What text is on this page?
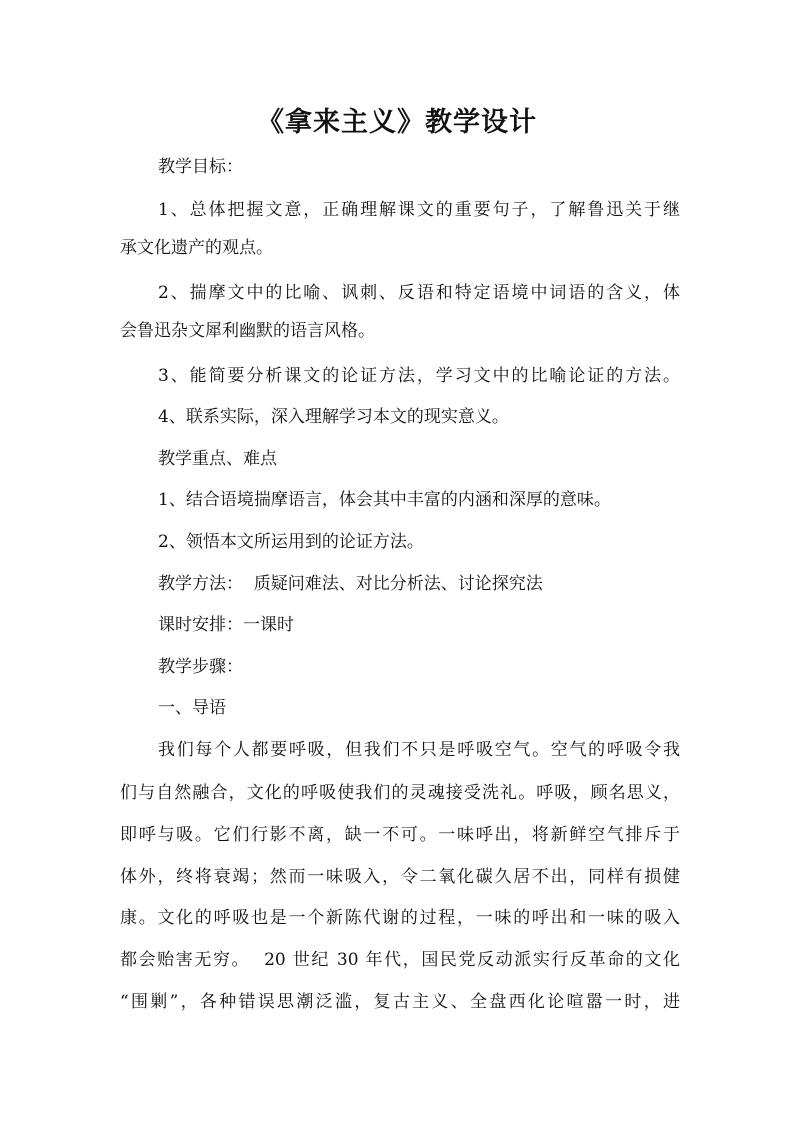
《拿来主义》教学设计

教学目标：

1、总体把握文意，正确理解课文的重要句子，了解鲁迅关于继

承文化遗产的观点。

2、揣摩文中的比喻、讽刺、反语和特定语境中词语的含义，体

会鲁迅杂文犀利幽默的语言风格。

3、能简要分析课文的论证方法，学习文中的比喻论证的方法。

4、联系实际，深入理解学习本文的现实意义。

教学重点、难点

1、结合语境揣摩语言，体会其中丰富的内涵和深厚的意味。

2、领悟本文所运用到的论证方法。

教学方法：  质疑问难法、对比分析法、讨论探究法

课时安排：一课时

教学步骤：

一、导语

我们每个人都要呼吸，但我们不只是呼吸空气。空气的呼吸令我

们与自然融合，文化的呼吸使我们的灵魂接受洗礼。呼吸，顾名思义，

即呼与吸。它们行影不离，缺一不可。一味呼出，将新鲜空气排斥于

体外，终将衰竭；然而一味吸入，令二氧化碳久居不出，同样有损健

康。文化的呼吸也是一个新陈代谢的过程，一味的呼出和一味的吸入

都会贻害无穷。  20 世纪 30 年代，国民党反动派实行反革命的文化

“围剿”，各种错误思潮泛滥，复古主义、全盘西化论喧嚣一时，进
